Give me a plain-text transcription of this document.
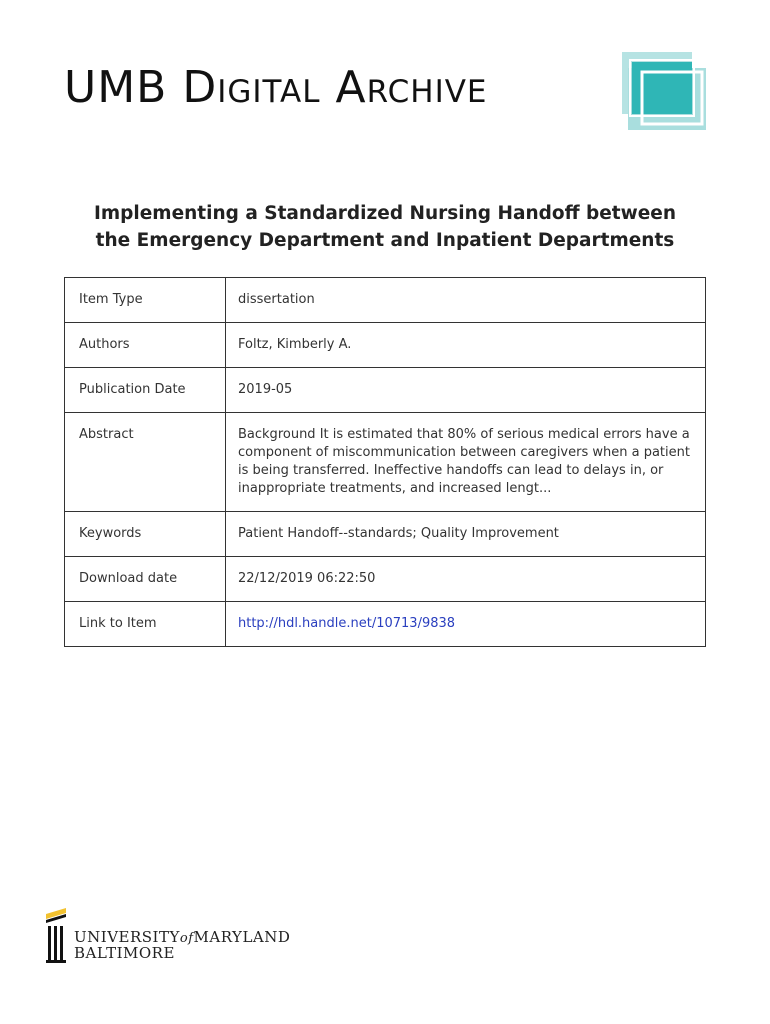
UMB Digital Archive
Implementing a Standardized Nursing Handoff between
the Emergency Department and Inpatient Departments
Item Type	dissertation
Authors	Foltz, Kimberly A.
Publication Date	2019-05
Abstract	Background It is estimated that 80% of serious medical errors have a component of miscommunication between caregivers when a patient is being transferred. Ineffective handoffs can lead to delays in, or inappropriate treatments, and increased lengt...
Keywords	Patient Handoff--standards; Quality Improvement
Download date	22/12/2019 06:22:50
Link to Item	http://hdl.handle.net/10713/9838
UNIVERSITYofMARYLAND
BALTIMORE
